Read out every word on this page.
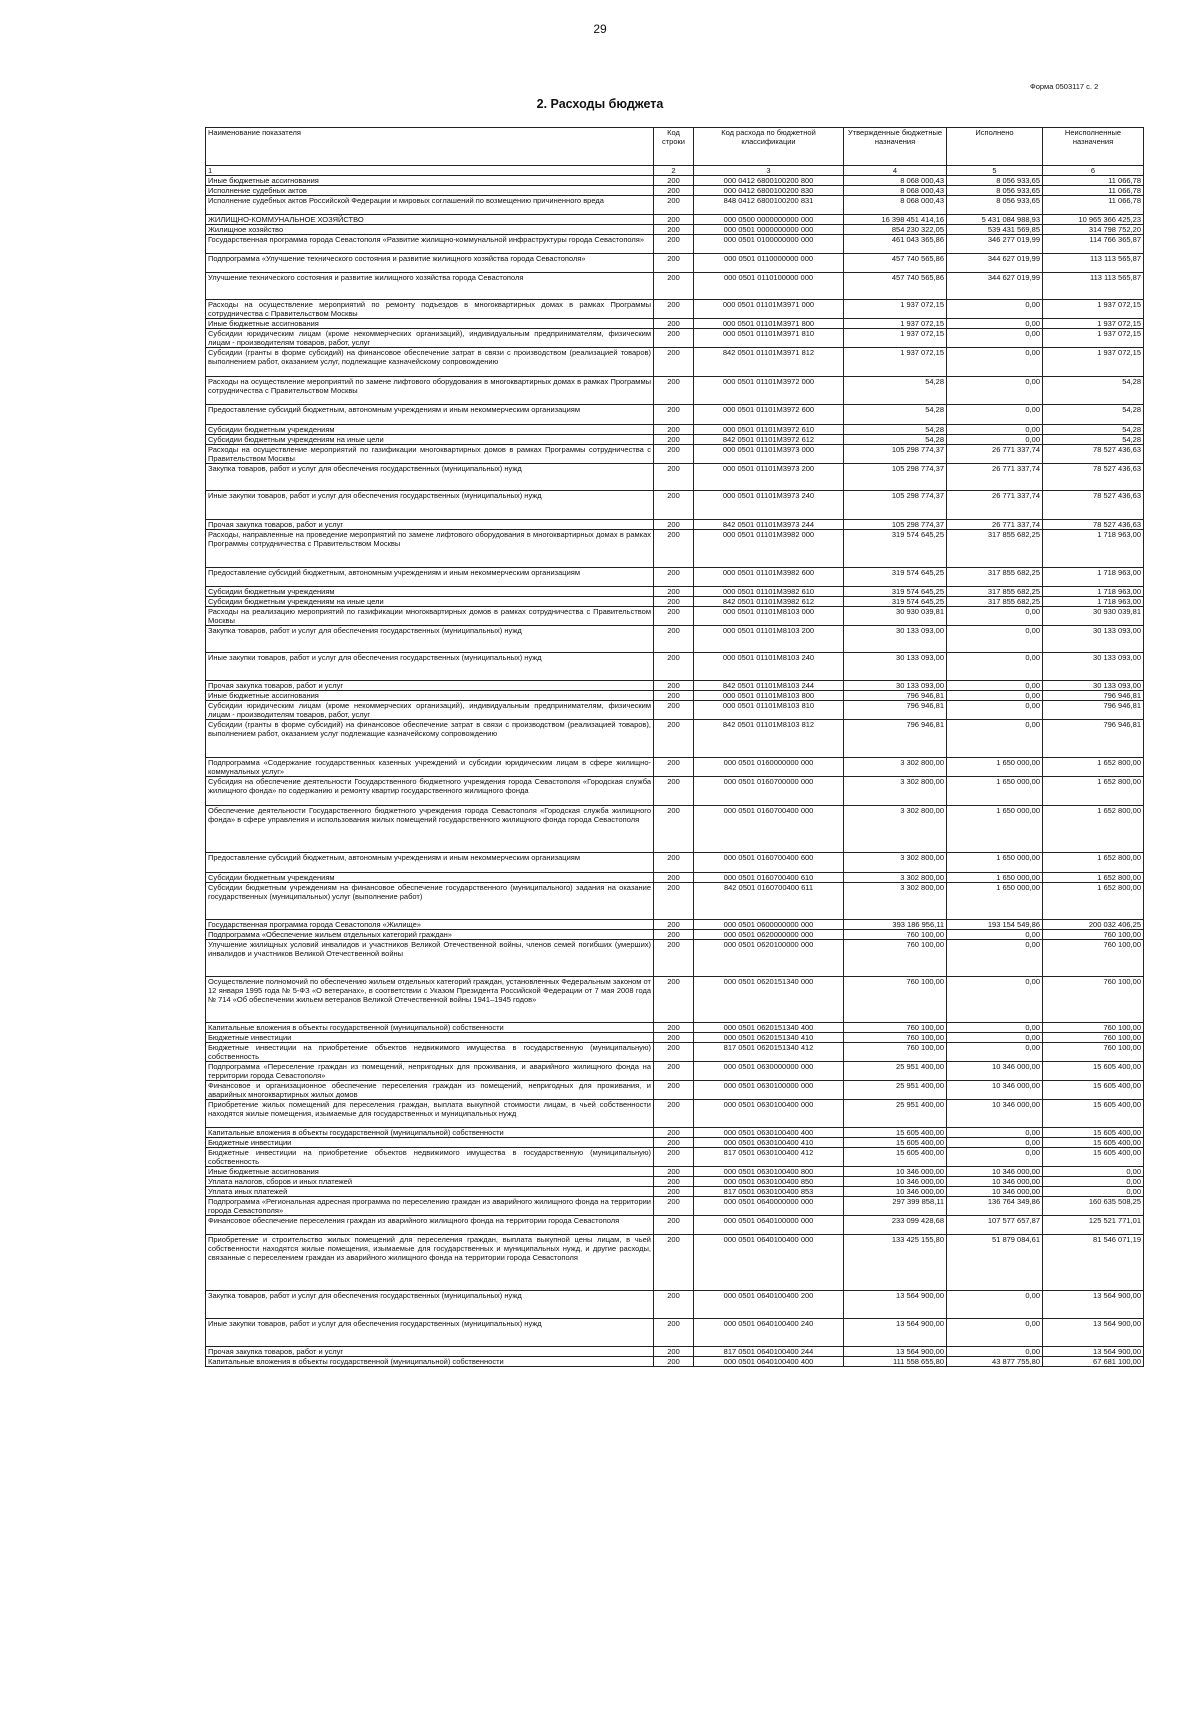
29
Форма 0503117 с. 2
2. Расходы бюджета
Наименование показателя	Код строки	Код расхода по бюджетной классификации	Утвержденные бюджетные назначения	Исполнено	Неисполненные назначения
1	2	3	4	5	6
Иные бюджетные ассигнования	200	000 0412 6800100200 800	8 068 000,43	8 056 933,65	11 066,78
Исполнение судебных актов	200	000 0412 6800100200 830	8 068 000,43	8 056 933,65	11 066,78
Исполнение судебных актов Российской Федерации и мировых соглашений по возмещению причиненного вреда	200	848 0412 6800100200 831	8 068 000,43	8 056 933,65	11 066,78
ЖИЛИЩНО-КОММУНАЛЬНОЕ ХОЗЯЙСТВО	200	000 0500 0000000000 000	16 398 451 414,16	5 431 084 988,93	10 965 366 425,23
Жилищное хозяйство	200	000 0501 0000000000 000	854 230 322,05	539 431 569,85	314 798 752,20
Государственная программа города Севастополя «Развитие жилищно-коммунальной инфраструктуры города Севастополя»	200	000 0501 0100000000 000	461 043 365,86	346 277 019,99	114 766 365,87
Подпрограмма «Улучшение технического состояния и развитие жилищного хозяйства города Севастополя»	200	000 0501 0110000000 000	457 740 565,86	344 627 019,99	113 113 565,87
Улучшение технического состояния и развитие жилищного хозяйства города Севастополя	200	000 0501 0110100000 000	457 740 565,86	344 627 019,99	113 113 565,87
Расходы на осуществление мероприятий по ремонту подъездов в многоквартирных домах в рамках Программы сотрудничества с Правительством Москвы	200	000 0501 01101M3971 000	1 937 072,15	0,00	1 937 072,15
Иные бюджетные ассигнования	200	000 0501 01101M3971 800	1 937 072,15	0,00	1 937 072,15
Субсидии юридическим лицам (кроме некоммерческих организаций), индивидуальным предпринимателям, физическим лицам - производителям товаров, работ, услуг	200	000 0501 01101M3971 810	1 937 072,15	0,00	1 937 072,15
Субсидии (гранты в форме субсидий) на финансовое обеспечение затрат в связи с производством (реализацией товаров) выполнением работ, оказанием услуг, подлежащие казначейскому сопровождению	200	842 0501 01101M3971 812	1 937 072,15	0,00	1 937 072,15
Расходы на осуществление мероприятий по замене лифтового оборудования в многоквартирных домах в рамках Программы сотрудничества с Правительством Москвы	200	000 0501 01101M3972 000	54,28	0,00	54,28
Предоставление субсидий бюджетным, автономным учреждениям и иным некоммерческим организациям	200	000 0501 01101M3972 600	54,28	0,00	54,28
Субсидии бюджетным учреждениям	200	000 0501 01101M3972 610	54,28	0,00	54,28
Субсидии бюджетным учреждениям на иные цели	200	842 0501 01101M3972 612	54,28	0,00	54,28
Расходы на осуществление мероприятий по газификации многоквартирных домов в рамках Программы сотрудничества с Правительством Москвы	200	000 0501 01101M3973 000	105 298 774,37	26 771 337,74	78 527 436,63
Закупка товаров, работ и услуг для обеспечения государственных (муниципальных) нужд	200	000 0501 01101M3973 200	105 298 774,37	26 771 337,74	78 527 436,63
Иные закупки товаров, работ и услуг для обеспечения государственных (муниципальных) нужд	200	000 0501 01101M3973 240	105 298 774,37	26 771 337,74	78 527 436,63
Прочая закупка товаров, работ и услуг	200	842 0501 01101M3973 244	105 298 774,37	26 771 337,74	78 527 436,63
Расходы, направленные на проведение мероприятий по замене лифтового оборудования в многоквартирных домах в рамках Программы сотрудничества с Правительством Москвы	200	000 0501 01101M3982 000	319 574 645,25	317 855 682,25	1 718 963,00
Предоставление субсидий бюджетным, автономным учреждениям и иным некоммерческим организациям	200	000 0501 01101M3982 600	319 574 645,25	317 855 682,25	1 718 963,00
Субсидии бюджетным учреждениям	200	000 0501 01101M3982 610	319 574 645,25	317 855 682,25	1 718 963,00
Субсидии бюджетным учреждениям на иные цели	200	842 0501 01101M3982 612	319 574 645,25	317 855 682,25	1 718 963,00
Расходы на реализацию мероприятий по газификации многоквартирных домов в рамках сотрудничества с Правительством Москвы	200	000 0501 01101M8103 000	30 930 039,81	0,00	30 930 039,81
Закупка товаров, работ и услуг для обеспечения государственных (муниципальных) нужд	200	000 0501 01101M8103 200	30 133 093,00	0,00	30 133 093,00
Иные закупки товаров, работ и услуг для обеспечения государственных (муниципальных) нужд	200	000 0501 01101M8103 240	30 133 093,00	0,00	30 133 093,00
Прочая закупка товаров, работ и услуг	200	842 0501 01101M8103 244	30 133 093,00	0,00	30 133 093,00
Иные бюджетные ассигнования	200	000 0501 01101M8103 800	796 946,81	0,00	796 946,81
Субсидии юридическим лицам (кроме некоммерческих организаций), индивидуальным предпринимателям, физическим лицам - производителям товаров, работ, услуг	200	000 0501 01101M8103 810	796 946,81	0,00	796 946,81
Субсидии (гранты в форме субсидий) на финансовое обеспечение затрат в связи с производством (реализацией товаров), выполнением работ, оказанием услуг подлежащие казначейскому сопровождению	200	842 0501 01101M8103 812	796 946,81	0,00	796 946,81
Подпрограмма «Содержание государственных казенных учреждений и субсидии юридическим лицам в сфере жилищно-коммунальных услуг»	200	000 0501 0160000000 000	3 302 800,00	1 650 000,00	1 652 800,00
Субсидия на обеспечение деятельности Государственного бюджетного учреждения города Севастополя «Городская служба жилищного фонда» по содержанию и ремонту квартир государственного жилищного фонда	200	000 0501 0160700000 000	3 302 800,00	1 650 000,00	1 652 800,00
Обеспечение деятельности Государственного бюджетного учреждения города Севастополя «Городская служба жилищного фонда» в сфере управления и использования жилых помещений государственного жилищного фонда города Севастополя	200	000 0501 0160700400 000	3 302 800,00	1 650 000,00	1 652 800,00
Предоставление субсидий бюджетным, автономным учреждениям и иным некоммерческим организациям	200	000 0501 0160700400 600	3 302 800,00	1 650 000,00	1 652 800,00
Субсидии бюджетным учреждениям	200	000 0501 0160700400 610	3 302 800,00	1 650 000,00	1 652 800,00
Субсидии бюджетным учреждениям на финансовое обеспечение государственного (муниципального) задания на оказание государственных (муниципальных) услуг (выполнение работ)	200	842 0501 0160700400 611	3 302 800,00	1 650 000,00	1 652 800,00
Государственная программа города Севастополя «Жилище»	200	000 0501 0600000000 000	393 186 956,11	193 154 549,86	200 032 406,25
Подпрограмма «Обеспечение жильем отдельных категорий граждан»	200	000 0501 0620000000 000	760 100,00	0,00	760 100,00
Улучшение жилищных условий инвалидов и участников Великой Отечественной войны, членов семей погибших (умерших) инвалидов и участников Великой Отечественной войны	200	000 0501 0620100000 000	760 100,00	0,00	760 100,00
Осуществление полномочий по обеспечению жильем отдельных категорий граждан, установленных Федеральным законом от 12 января 1995 года № 5-ФЗ «О ветеранах», в соответствии с Указом Президента Российской Федерации от 7 мая 2008 года № 714 «Об обеспечении жильем ветеранов Великой Отечественной войны 1941–1945 годов»	200	000 0501 0620151340 000	760 100,00	0,00	760 100,00
Капитальные вложения в объекты государственной (муниципальной) собственности	200	000 0501 0620151340 400	760 100,00	0,00	760 100,00
Бюджетные инвестиции	200	000 0501 0620151340 410	760 100,00	0,00	760 100,00
Бюджетные инвестиции на приобретение объектов недвижимого имущества в государственную (муниципальную) собственность	200	817 0501 0620151340 412	760 100,00	0,00	760 100,00
Подпрограмма «Переселение граждан из помещений, непригодных для проживания, и аварийного жилищного фонда на территории города Севастополя»	200	000 0501 0630000000 000	25 951 400,00	10 346 000,00	15 605 400,00
Финансовое и организационное обеспечение переселения граждан из помещений, непригодных для проживания, и аварийных многоквартирных жилых домов	200	000 0501 0630100000 000	25 951 400,00	10 346 000,00	15 605 400,00
Приобретение жилых помещений для переселения граждан, выплата выкупной стоимости лицам, в чьей собственности находятся жилые помещения, изымаемые для государственных и муниципальных нужд	200	000 0501 0630100400 000	25 951 400,00	10 346 000,00	15 605 400,00
Капитальные вложения в объекты государственной (муниципальной) собственности	200	000 0501 0630100400 400	15 605 400,00	0,00	15 605 400,00
Бюджетные инвестиции	200	000 0501 0630100400 410	15 605 400,00	0,00	15 605 400,00
Бюджетные инвестиции на приобретение объектов недвижимого имущества в государственную (муниципальную) собственность	200	817 0501 0630100400 412	15 605 400,00	0,00	15 605 400,00
Иные бюджетные ассигнования	200	000 0501 0630100400 800	10 346 000,00	10 346 000,00	0,00
Уплата налогов, сборов и иных платежей	200	000 0501 0630100400 850	10 346 000,00	10 346 000,00	0,00
Уплата иных платежей	200	817 0501 0630100400 853	10 346 000,00	10 346 000,00	0,00
Подпрограмма «Региональная адресная программа по переселению граждан из аварийного жилищного фонда на территории города Севастополя»	200	000 0501 0640000000 000	297 399 858,11	136 764 349,86	160 635 508,25
Финансовое обеспечение переселения граждан из аварийного жилищного фонда на территории города Севастополя	200	000 0501 0640100000 000	233 099 428,68	107 577 657,87	125 521 771,01
Приобретение и строительство жилых помещений для переселения граждан, выплата выкупной цены лицам, в чьей собственности находятся жилые помещения, изымаемые для государственных и муниципальных нужд, и другие расходы, связанные с переселением граждан из аварийного жилищного фонда на территории города Севастополя	200	000 0501 0640100400 000	133 425 155,80	51 879 084,61	81 546 071,19
Закупка товаров, работ и услуг для обеспечения государственных (муниципальных) нужд	200	000 0501 0640100400 200	13 564 900,00	0,00	13 564 900,00
Иные закупки товаров, работ и услуг для обеспечения государственных (муниципальных) нужд	200	000 0501 0640100400 240	13 564 900,00	0,00	13 564 900,00
Прочая закупка товаров, работ и услуг	200	817 0501 0640100400 244	13 564 900,00	0,00	13 564 900,00
Капитальные вложения в объекты государственной (муниципальной) собственности	200	000 0501 0640100400 400	111 558 655,80	43 877 755,80	67 681 100,00
